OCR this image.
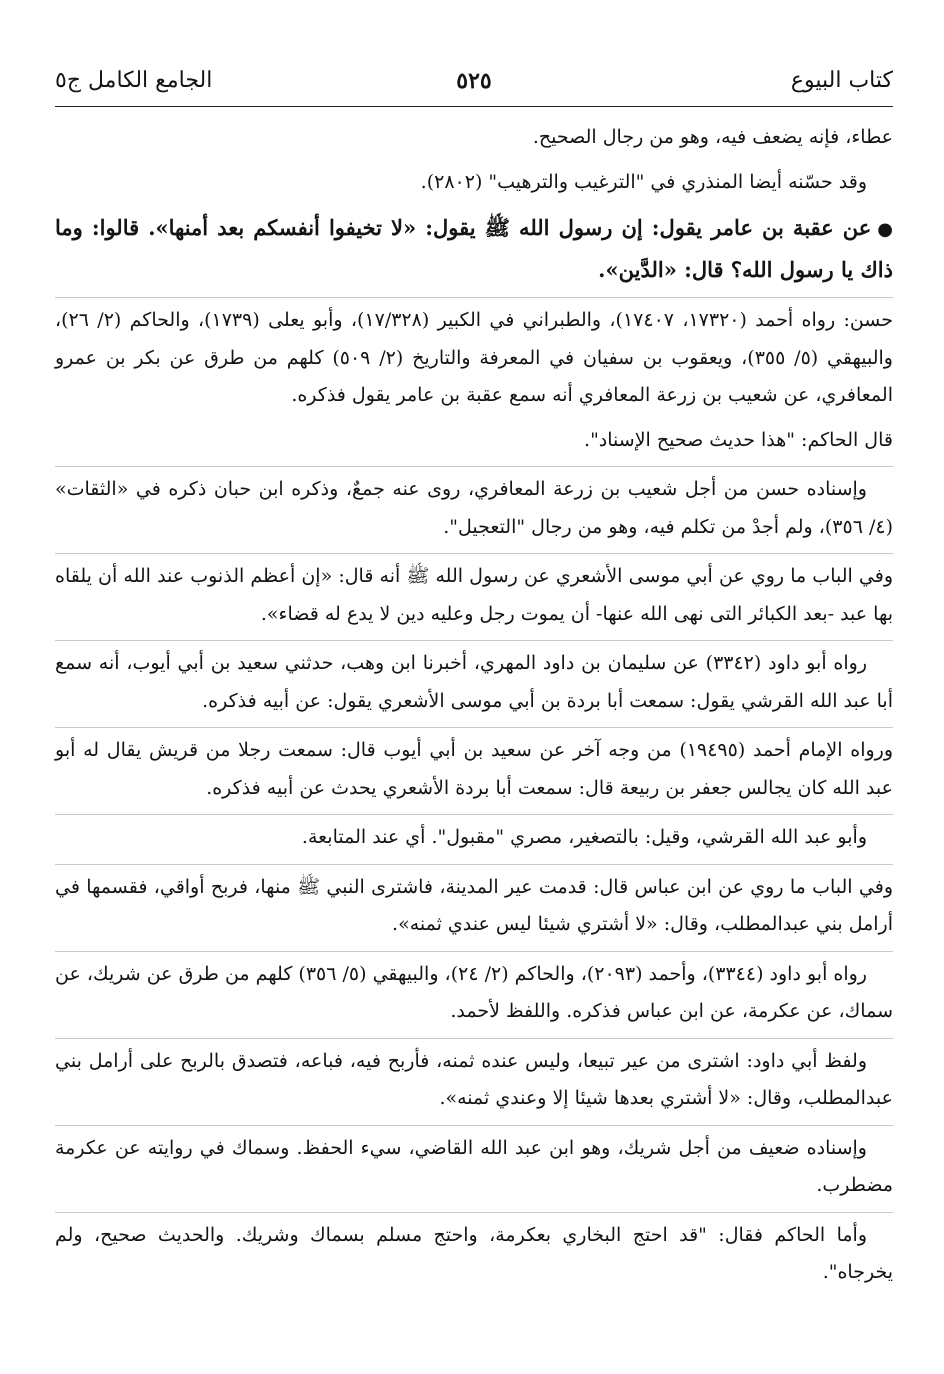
كتاب البيوع
٥٢٥
الجامع الكامل ج٥

عطاء، فإنه يضعف فيه، وهو من رجال الصحيح.

وقد حسّنه أيضا المنذري في "الترغيب والترهيب" (٢٨٠٢).

●عن عقبة بن عامر يقول: إن رسول الله ﷺ يقول: «لا تخيفوا أنفسكم بعد أمنها». قالوا: وما ذاك يا رسول الله؟ قال: «الدَّين».

حسن: رواه أحمد (١٧٣٢٠، ١٧٤٠٧)، والطبراني في الكبير (١٧/٣٢٨)، وأبو يعلى (١٧٣٩)، والحاكم (٢/ ٢٦)، والبيهقي (٥/ ٣٥٥)، ويعقوب بن سفيان في المعرفة والتاريخ (٢/ ٥٠٩) كلهم من طرق عن بكر بن عمرو المعافري، عن شعيب بن زرعة المعافري أنه سمع عقبة بن عامر يقول فذكره.

قال الحاكم: "هذا حديث صحيح الإسناد".

وإسناده حسن من أجل شعيب بن زرعة المعافري، روى عنه جمعٌ، وذكره ابن حبان ذكره في «الثقات» (٤/ ٣٥٦)، ولم أجدْ من تكلم فيه، وهو من رجال "التعجيل".

وفي الباب ما روي عن أبي موسى الأشعري عن رسول الله ﷺ أنه قال: «إن أعظم الذنوب عند الله أن يلقاه بها عبد -بعد الكبائر التى نهى الله عنها- أن يموت رجل وعليه دين لا يدع له قضاء».

رواه أبو داود (٣٣٤٢) عن سليمان بن داود المهري، أخبرنا ابن وهب، حدثني سعيد بن أبي أيوب، أنه سمع أبا عبد الله القرشي يقول: سمعت أبا بردة بن أبي موسى الأشعري يقول: عن أبيه فذكره.

ورواه الإمام أحمد (١٩٤٩٥) من وجه آخر عن سعيد بن أبي أيوب قال: سمعت رجلا من قريش يقال له أبو عبد الله كان يجالس جعفر بن ربيعة قال: سمعت أبا بردة الأشعري يحدث عن أبيه فذكره.

وأبو عبد الله القرشي، وقيل: بالتصغير، مصري "مقبول". أي عند المتابعة.

وفي الباب ما روي عن ابن عباس قال: قدمت عير المدينة، فاشترى النبي ﷺ منها، فربح أواقي، فقسمها في أرامل بني عبدالمطلب، وقال: «لا أشتري شيئا ليس عندي ثمنه».

رواه أبو داود (٣٣٤٤)، وأحمد (٢٠٩٣)، والحاكم (٢/ ٢٤)، والبيهقي (٥/ ٣٥٦) كلهم من طرق عن شريك، عن سماك، عن عكرمة، عن ابن عباس فذكره. واللفظ لأحمد.

ولفظ أبي داود: اشترى من عير تبيعا، وليس عنده ثمنه، فأربح فيه، فباعه، فتصدق بالربح على أرامل بني عبدالمطلب، وقال: «لا أشتري بعدها شيئا إلا وعندي ثمنه».

وإسناده ضعيف من أجل شريك، وهو ابن عبد الله القاضي، سيء الحفظ. وسماك في روايته عن عكرمة مضطرب.

وأما الحاكم فقال: "قد احتج البخاري بعكرمة، واحتج مسلم بسماك وشريك. والحديث صحيح، ولم يخرجاه".
